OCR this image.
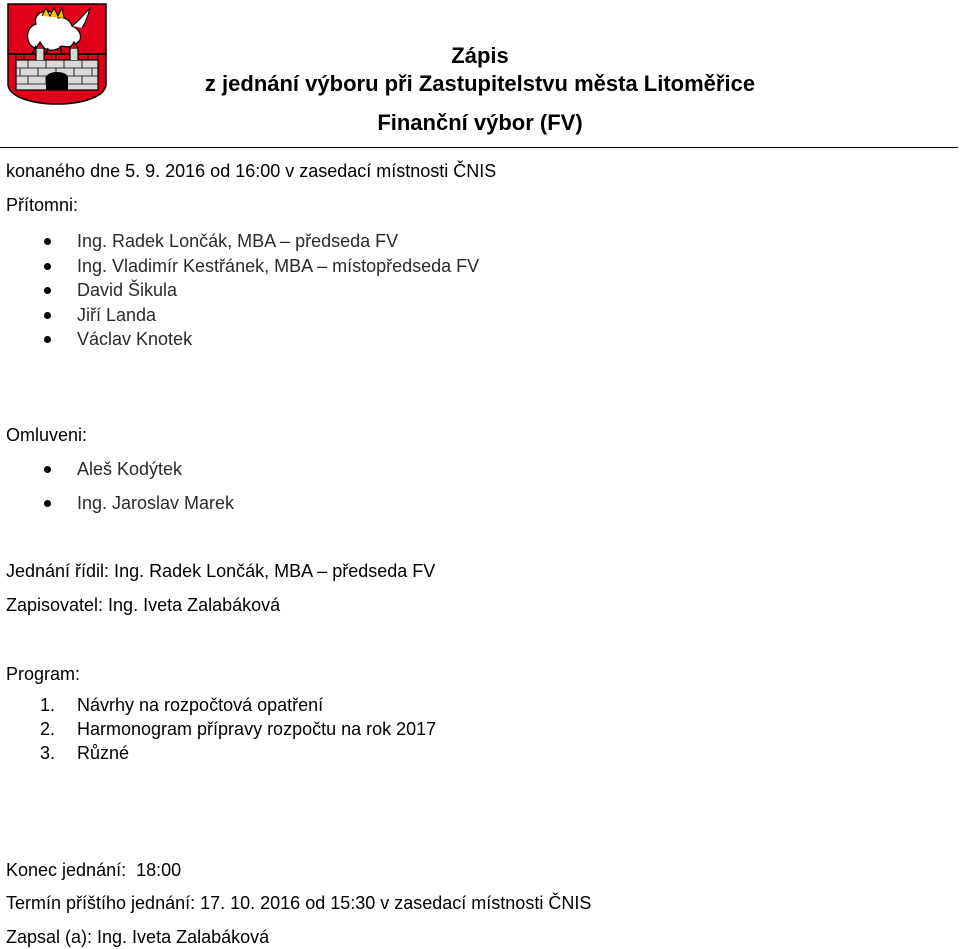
Zápis
z jednání výboru při Zastupitelstvu města Litoměřice
Finanční výbor (FV)
konaného dne 5. 9. 2016 od 16:00 v zasedací místnosti ČNIS
Přítomni:
Ing. Radek Lončák, MBA – předseda FV
Ing. Vladimír Kestřánek, MBA – místopředseda FV
David Šikula
Jiří Landa
Václav Knotek
Omluveni:
Aleš Kodýtek
Ing. Jaroslav Marek
Jednání řídil: Ing. Radek Lončák, MBA – předseda FV
Zapisovatel: Ing. Iveta Zalabáková
Program:
1. Návrhy na rozpočtová opatření
2. Harmonogram přípravy rozpočtu na rok 2017
3. Různé
Konec jednání:  18:00
Termín příštího jednání: 17. 10. 2016 od 15:30 v zasedací místnosti ČNIS
Zapsal (a): Ing. Iveta Zalabáková
